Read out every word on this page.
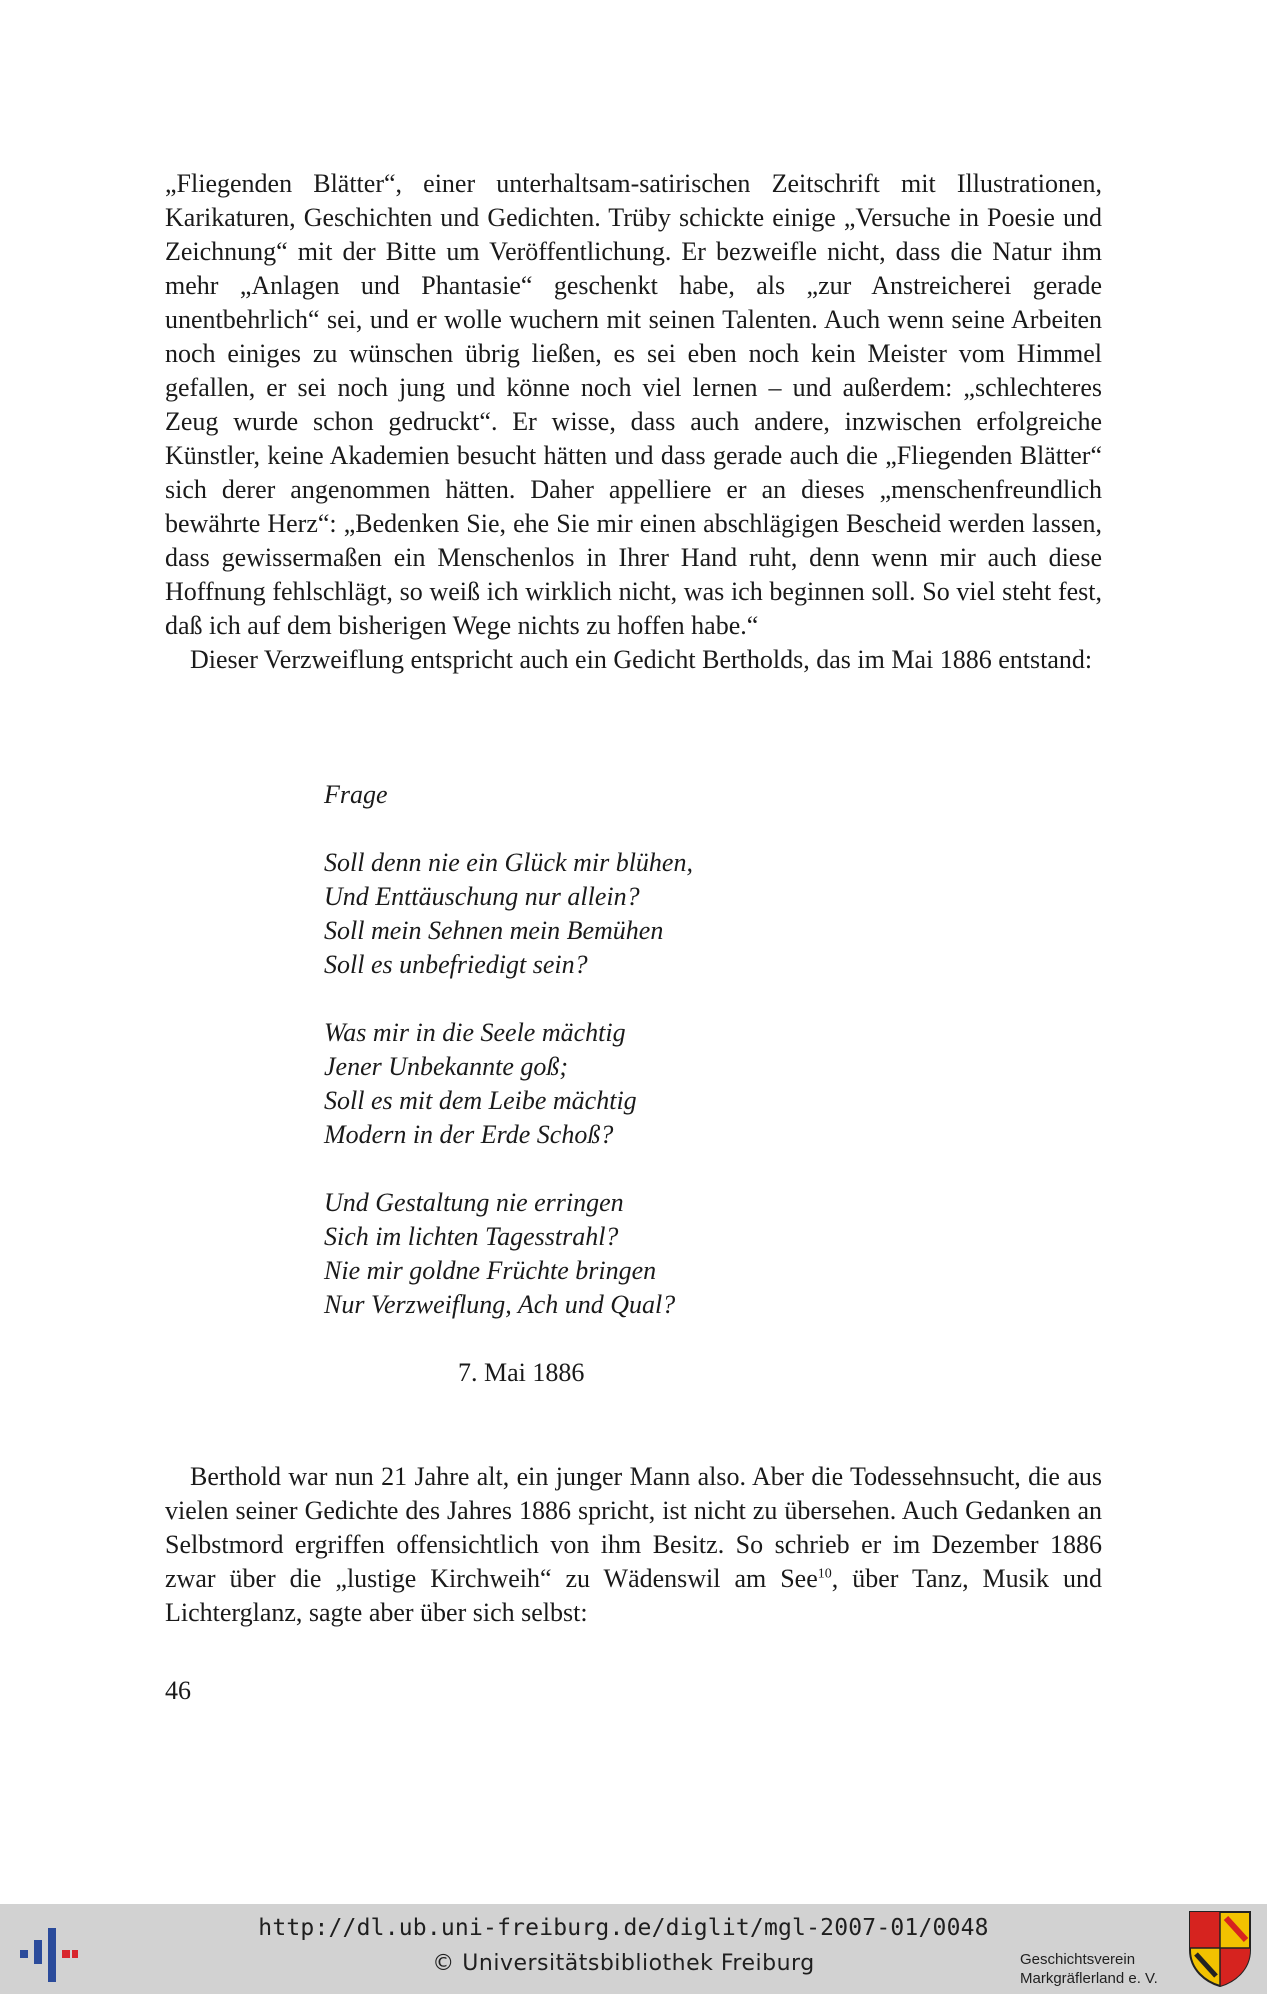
„Fliegenden Blätter“, einer unterhaltsam-satirischen Zeitschrift mit Illustrationen, Karikaturen, Geschichten und Gedichten. Trüby schickte einige „Versuche in Poesie und Zeichnung“ mit der Bitte um Veröffentlichung. Er bezweifle nicht, dass die Natur ihm mehr „Anlagen und Phantasie“ geschenkt habe, als „zur Anstreicherei gerade unentbehrlich“ sei, und er wolle wuchern mit seinen Talenten. Auch wenn seine Arbeiten noch einiges zu wünschen übrig ließen, es sei eben noch kein Meister vom Himmel gefallen, er sei noch jung und könne noch viel lernen – und außerdem: „schlechteres Zeug wurde schon gedruckt“. Er wisse, dass auch andere, inzwischen erfolgreiche Künstler, keine Akademien besucht hätten und dass gerade auch die „Fliegenden Blätter“ sich derer angenommen hätten. Daher appelliere er an dieses „menschenfreundlich bewährte Herz“: „Bedenken Sie, ehe Sie mir einen abschlägigen Bescheid werden lassen, dass gewissermaßen ein Menschenlos in Ihrer Hand ruht, denn wenn mir auch diese Hoffnung fehlschlägt, so weiß ich wirklich nicht, was ich beginnen soll. So viel steht fest, daß ich auf dem bisherigen Wege nichts zu hoffen habe.“

Dieser Verzweiflung entspricht auch ein Gedicht Bertholds, das im Mai 1886 entstand:

Frage

Soll denn nie ein Glück mir blühen,
Und Enttäuschung nur allein?
Soll mein Sehnen mein Bemühen
Soll es unbefriedigt sein?
Was mir in die Seele mächtig
Jener Unbekannte goß;
Soll es mit dem Leibe mächtig
Modern in der Erde Schoß?
Und Gestaltung nie erringen
Sich im lichten Tagesstrahl?
Nie mir goldne Früchte bringen
Nur Verzweiflung, Ach und Qual?
7. Mai 1886

Berthold war nun 21 Jahre alt, ein junger Mann also. Aber die Todessehnsucht, die aus vielen seiner Gedichte des Jahres 1886 spricht, ist nicht zu übersehen. Auch Gedanken an Selbstmord ergriffen offensichtlich von ihm Besitz. So schrieb er im Dezember 1886 zwar über die „lustige Kirchweih“ zu Wädenswil am See$^{10}$, über Tanz, Musik und Lichterglanz, sagte aber über sich selbst:

46
http://dl.ub.uni-freiburg.de/diglit/mgl-2007-01/0048
© Universitätsbibliothek Freiburg	Geschichtsverein
Markgräflerland e. V.
